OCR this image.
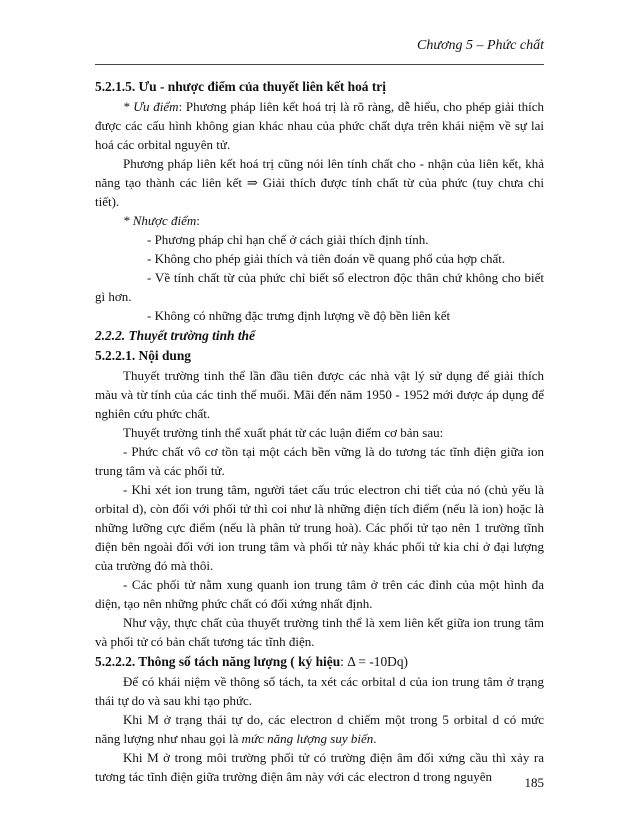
Chương 5 – Phức chất
5.2.1.5. Ưu - nhược điểm của thuyết liên kết hoá trị

* Ưu điểm: Phương pháp liên kết hoá trị là rõ ràng, dễ hiểu, cho phép giải thích được các cấu hình không gian khác nhau của phức chất dựa trên khái niệm về sự lai hoá các orbital nguyên tử.

Phương pháp liên kết hoá trị cũng nói lên tính chất cho - nhận của liên kết, khả năng tạo thành các liên kết ⇒ Giải thích được tính chất từ của phức (tuy chưa chi tiết).

* Nhược điểm:

- Phương pháp chỉ hạn chế ở cách giải thích định tính.

- Không cho phép giải thích và tiên đoán về quang phổ của hợp chất.

- Về tính chất từ của phức chỉ biết số electron độc thân chứ không cho biết gì hơn.

- Không có những đặc trưng định lượng về độ bền liên kết

2.2.2. Thuyết trường tinh thể
5.2.2.1. Nội dung

Thuyết trường tinh thể lần đầu tiên được các nhà vật lý sử dụng để giải thích màu và từ tính của các tinh thể muối. Mãi đến năm 1950 - 1952 mới được áp dụng để nghiên cứu phức chất.

Thuyết trường tinh thể xuất phát từ các luận điểm cơ bản sau:

- Phức chất vô cơ tồn tại một cách bền vững là do tương tác tĩnh điện giữa ion trung tâm và các phối tử.

- Khi xét ion trung tâm, người táet cấu trúc electron chi tiết của nó (chủ yếu là orbital d), còn đối với phối tử thì coi như là những điện tích điểm (nếu là ion) hoặc là những lưỡng cực điểm (nếu là phân tử trung hoà). Các phối tử tạo nên 1 trường tĩnh điện bên ngoài đối với ion trung tâm và phối tử này khác phối tử kia chỉ ở đại lượng của trường đó mà thôi.

- Các phối tử nằm xung quanh ion trung tâm ở trên các đỉnh của một hình đa diện, tạo nên những phức chất có đối xứng nhất định.

Như vậy, thực chất của thuyết trường tinh thể là xem liên kết giữa ion trung tâm và phối tử có bản chất tương tác tĩnh điện.

5.2.2.2. Thông số tách năng lượng ( ký hiệu: Δ = -10Dq)

Để có khái niệm về thông số tách, ta xét các orbital d của ion trung tâm ở trạng thái tự do và sau khi tạo phức.

Khi M ở trạng thái tự do, các electron d chiếm một trong 5 orbital d có mức năng lượng như nhau gọi là mức năng lượng suy biến.

Khi M ở trong môi trường phối tử có trường điện âm đối xứng cầu thì xảy ra tương tác tĩnh điện giữa trường điện âm này với các electron d trong nguyên	185
